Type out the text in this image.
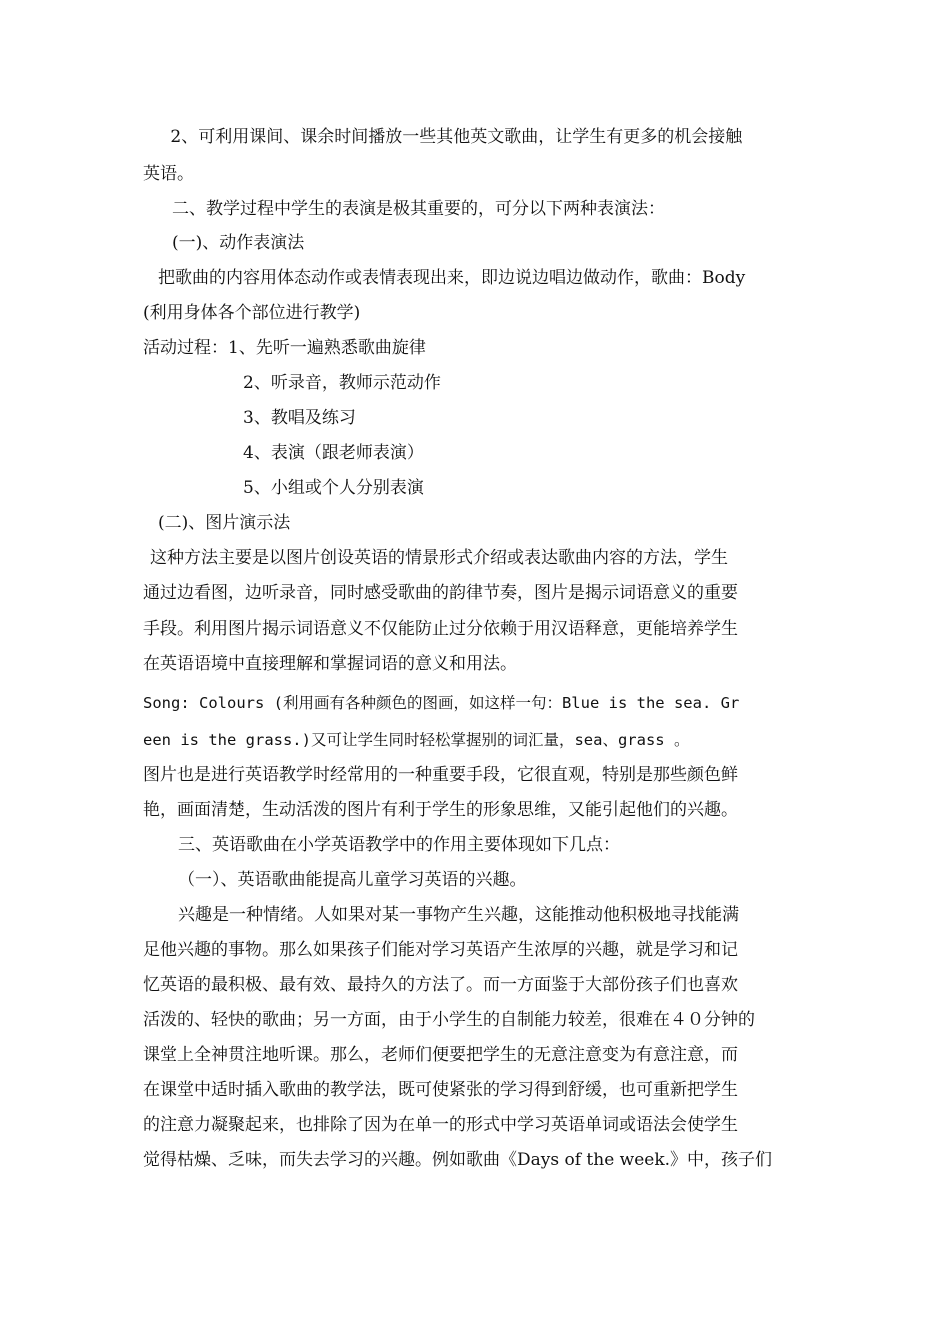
2、可利用课间、课余时间播放一些其他英文歌曲，让学生有更多的机会接触
英语。
二、教学过程中学生的表演是极其重要的，可分以下两种表演法：
(一)、动作表演法
把歌曲的内容用体态动作或表情表现出来，即边说边唱边做动作，歌曲：Body
(利用身体各个部位进行教学)
活动过程：1、先听一遍熟悉歌曲旋律
2、听录音，教师示范动作
3、教唱及练习
4、表演（跟老师表演）
5、小组或个人分别表演
(二)、图片演示法
这种方法主要是以图片创设英语的情景形式介绍或表达歌曲内容的方法，学生
通过边看图，边听录音，同时感受歌曲的韵律节奏，图片是揭示词语意义的重要
手段。利用图片揭示词语意义不仅能防止过分依赖于用汉语释意，更能培养学生
在英语语境中直接理解和掌握词语的意义和用法。
Song: Colours (利用画有各种颜色的图画，如这样一句：Blue is the sea. Gr
een is the grass.)又可让学生同时轻松掌握别的词汇量，sea、grass 。
图片也是进行英语教学时经常用的一种重要手段，它很直观，特别是那些颜色鲜
艳，画面清楚，生动活泼的图片有利于学生的形象思维，又能引起他们的兴趣。
三、英语歌曲在小学英语教学中的作用主要体现如下几点：
（一）、英语歌曲能提高儿童学习英语的兴趣。
兴趣是一种情绪。人如果对某一事物产生兴趣，这能推动他积极地寻找能满
足他兴趣的事物。那么如果孩子们能对学习英语产生浓厚的兴趣，就是学习和记
忆英语的最积极、最有效、最持久的方法了。而一方面鉴于大部份孩子们也喜欢
活泼的、轻快的歌曲；另一方面，由于小学生的自制能力较差，很难在４０分钟的
课堂上全神贯注地听课。那么，老师们便要把学生的无意注意变为有意注意，而
在课堂中适时插入歌曲的教学法，既可使紧张的学习得到舒缓，也可重新把学生
的注意力凝聚起来，也排除了因为在单一的形式中学习英语单词或语法会使学生
觉得枯燥、乏味，而失去学习的兴趣。例如歌曲《Days of the week.》中，孩子们
